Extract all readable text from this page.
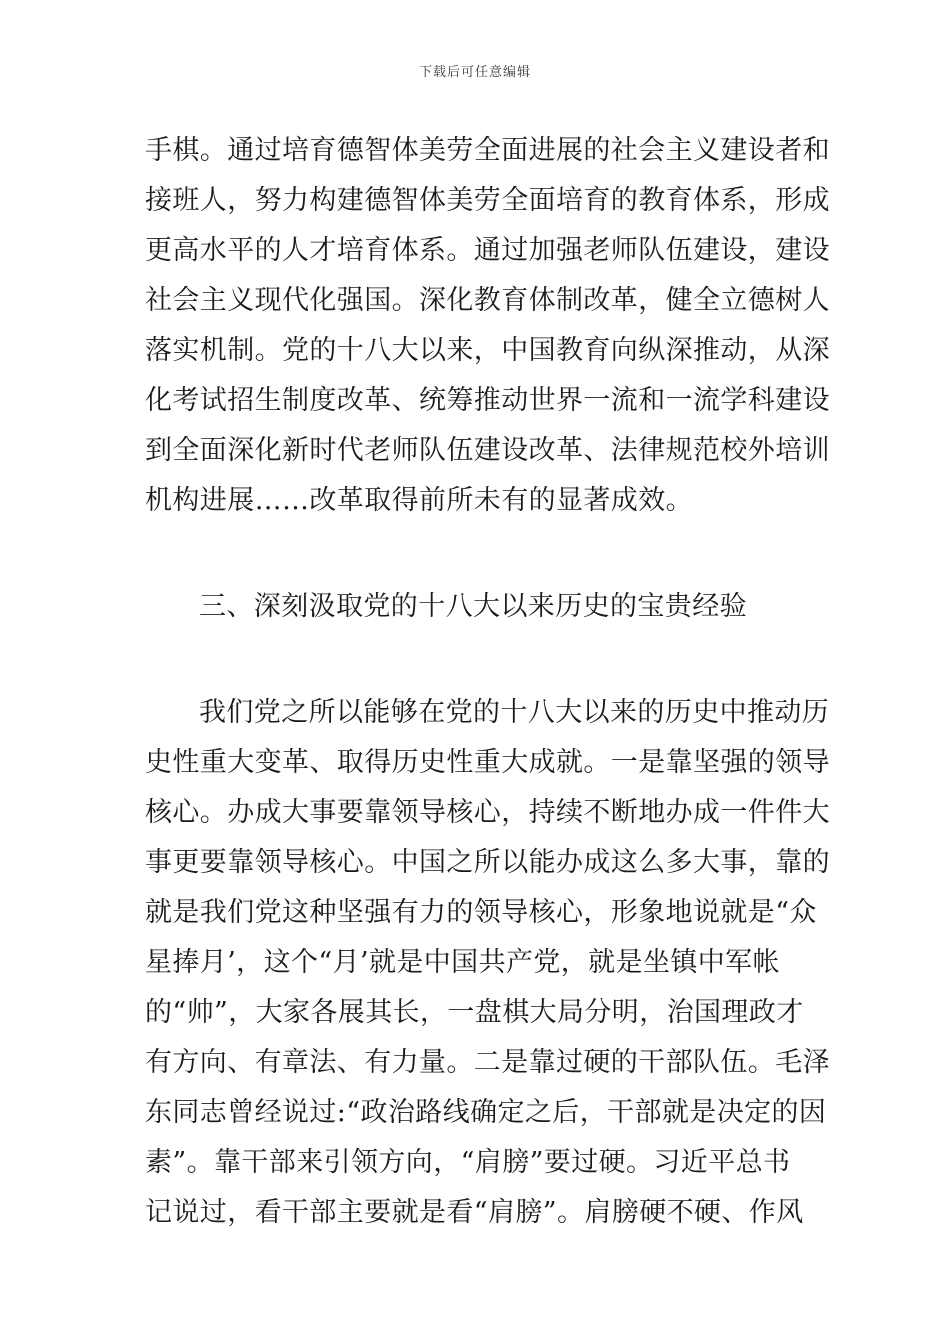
下载后可任意编辑
手棋。通过培育德智体美劳全面进展的社会主义建设者和
接班人，努力构建德智体美劳全面培育的教育体系，形成
更高水平的人才培育体系。通过加强老师队伍建设，建设
社会主义现代化强国。深化教育体制改革，健全立德树人
落实机制。党的十八大以来，中国教育向纵深推动，从深
化考试招生制度改革、统筹推动世界一流和一流学科建设
到全面深化新时代老师队伍建设改革、法律规范校外培训
机构进展……改革取得前所未有的显著成效。
三、深刻汲取党的十八大以来历史的宝贵经验
我们党之所以能够在党的十八大以来的历史中推动历
史性重大变革、取得历史性重大成就。一是靠坚强的领导
核心。办成大事要靠领导核心，持续不断地办成一件件大
事更要靠领导核心。中国之所以能办成这么多大事，靠的
就是我们党这种坚强有力的领导核心，形象地说就是“众
星捧月’，这个“月’就是中国共产党，就是坐镇中军帐
的“帅”，大家各展其长，一盘棋大局分明，治国理政才
有方向、有章法、有力量。二是靠过硬的干部队伍。毛泽
东同志曾经说过:“政治路线确定之后，干部就是决定的因
素”。靠干部来引领方向，“肩膀”要过硬。习近平总书
记说过，看干部主要就是看“肩膀”。肩膀硬不硬、作风
